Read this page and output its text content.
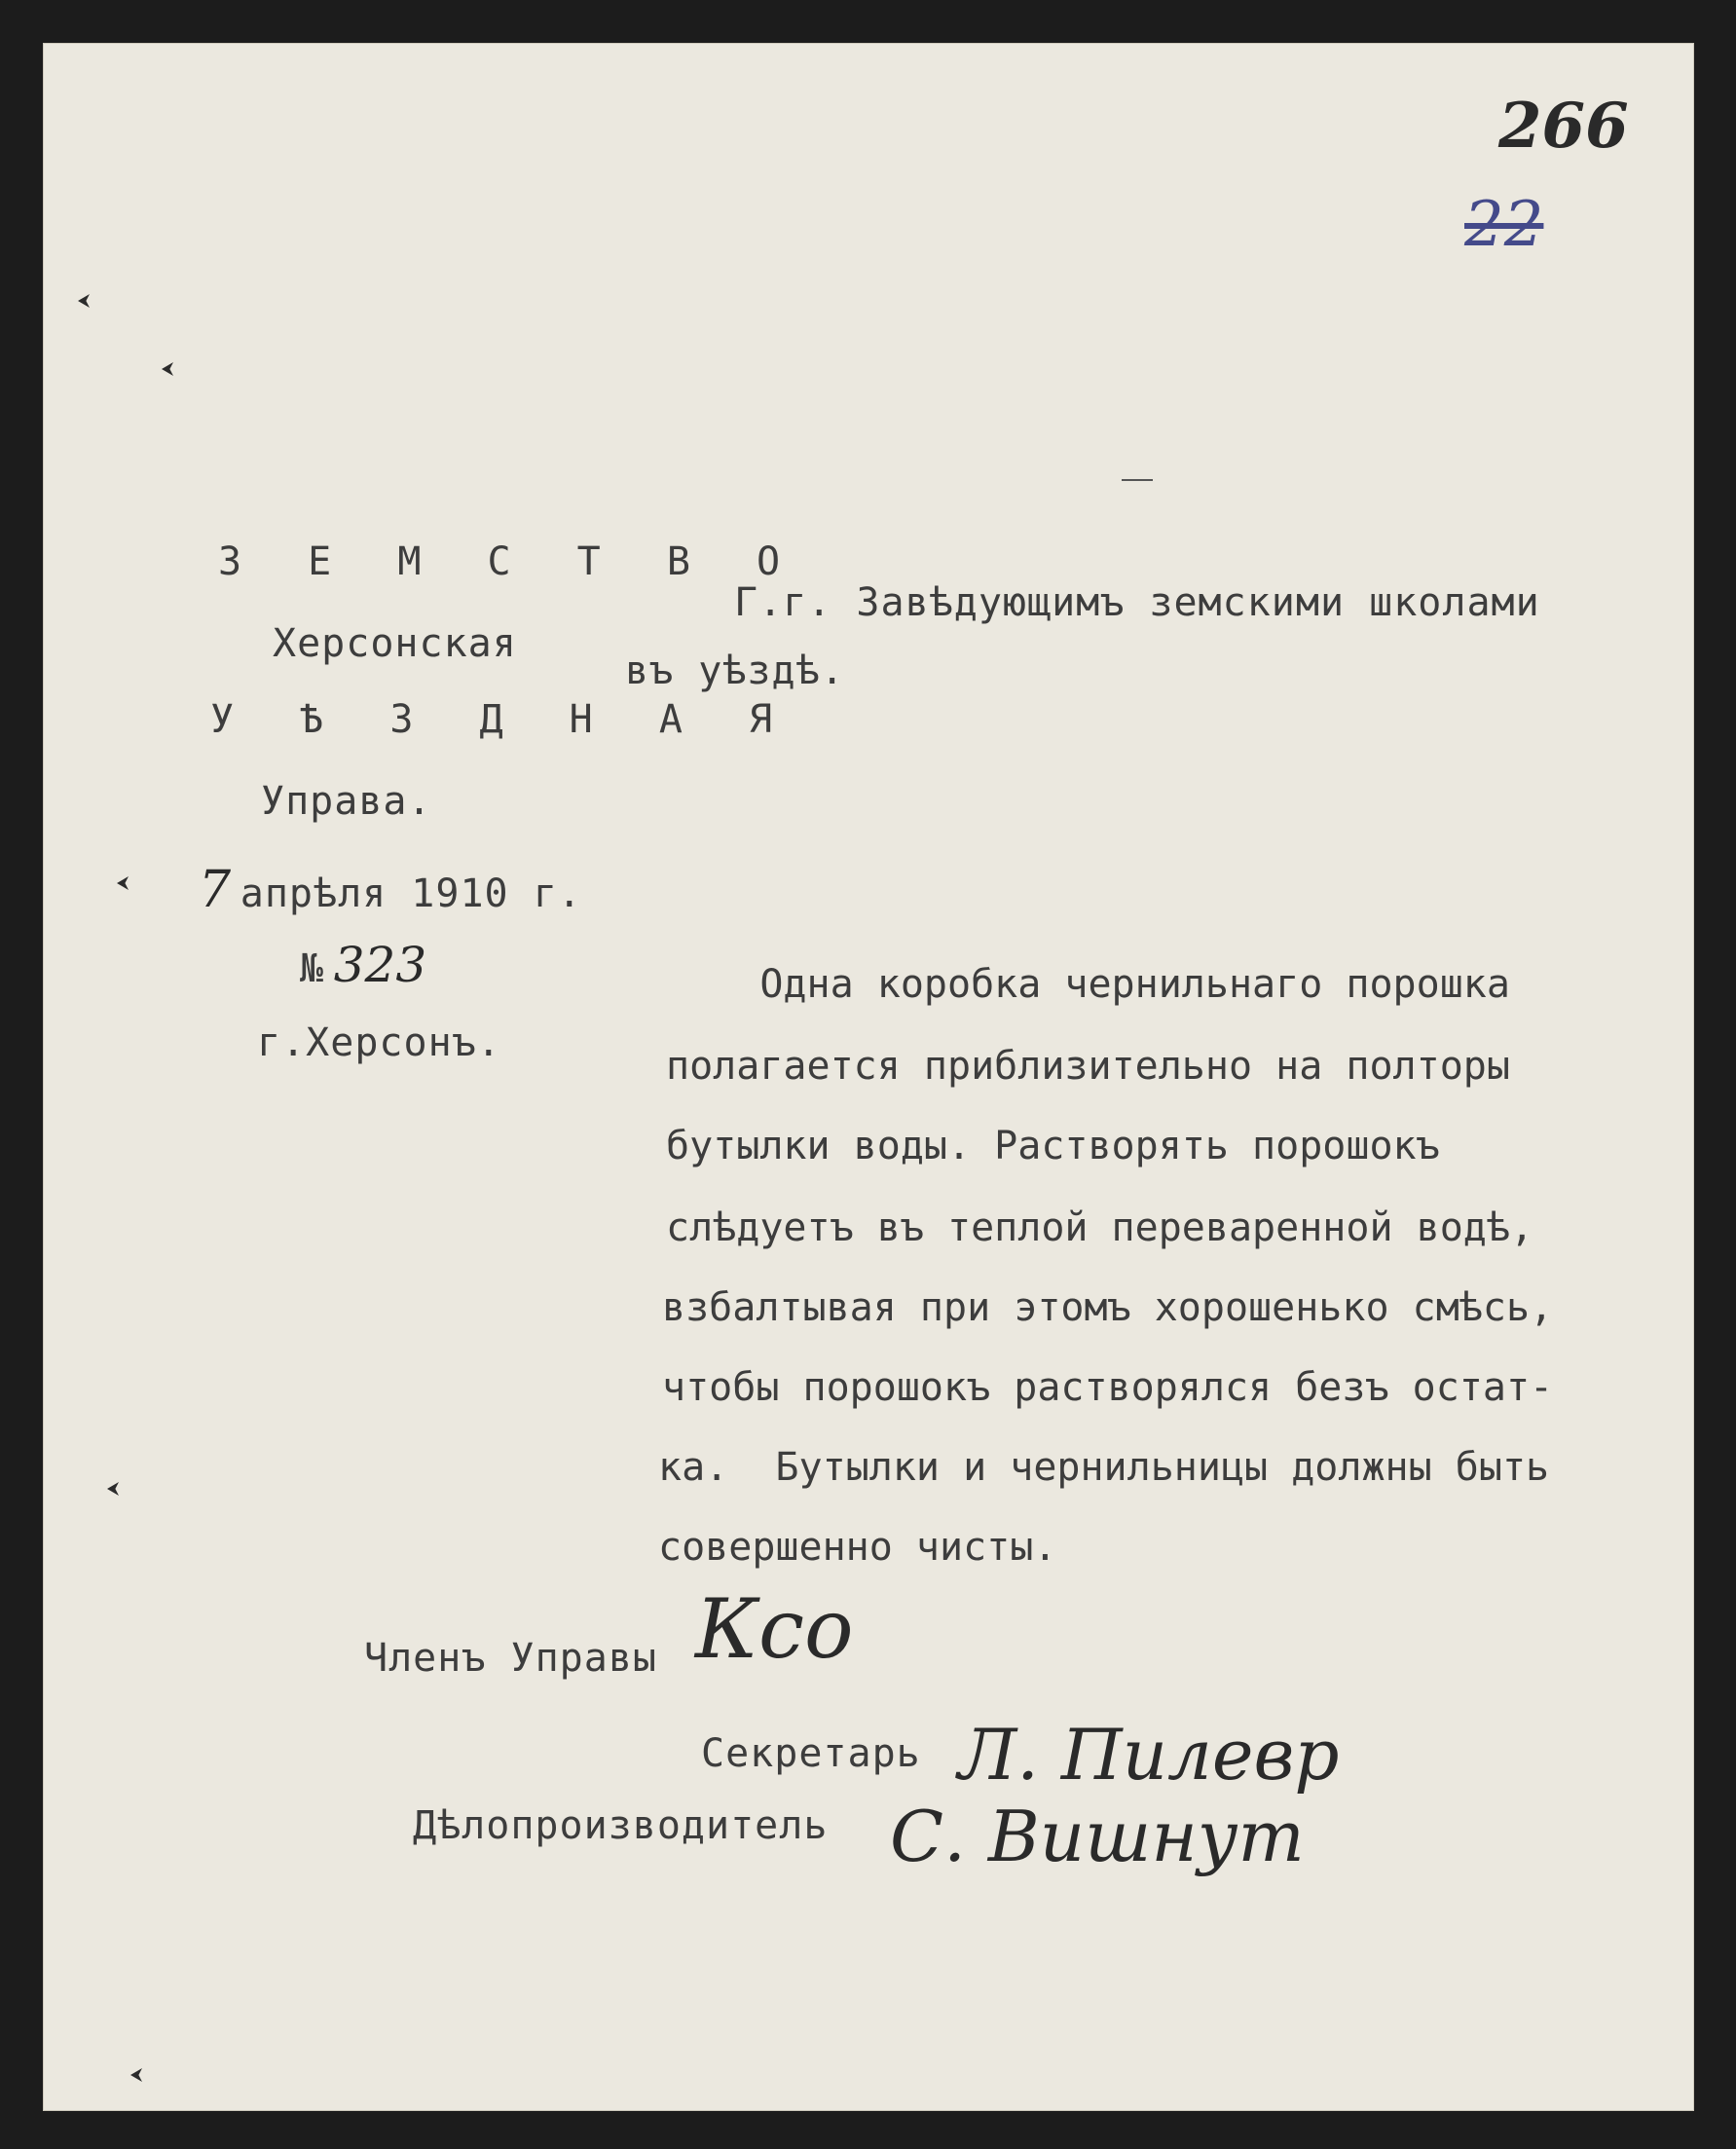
266
22
З Е М С Т В О
Херсонская
У Ѣ З Д Н А Я
Управа.
7 апрѣля 1910 г.
№ 323
г.Херсонъ.
Г.г. Завѣдующимъ земскими школами
въ уѣздѣ.
Одна коробка чернильнаго порошка
полагается приблизительно на полторы
бутылки воды. Растворять порошокъ
слѣдуетъ въ теплой переваренной водѣ,
взбалтывая при этомъ хорошенько смѣсь,
чтобы порошокъ растворялся безъ остат-
ка.  Бутылки и чернильницы должны быть
совершенно чисты.
Членъ Управы Ксо
Секретарь Л. Пилевр
Дѣлопроизводитель С. Вишнут
